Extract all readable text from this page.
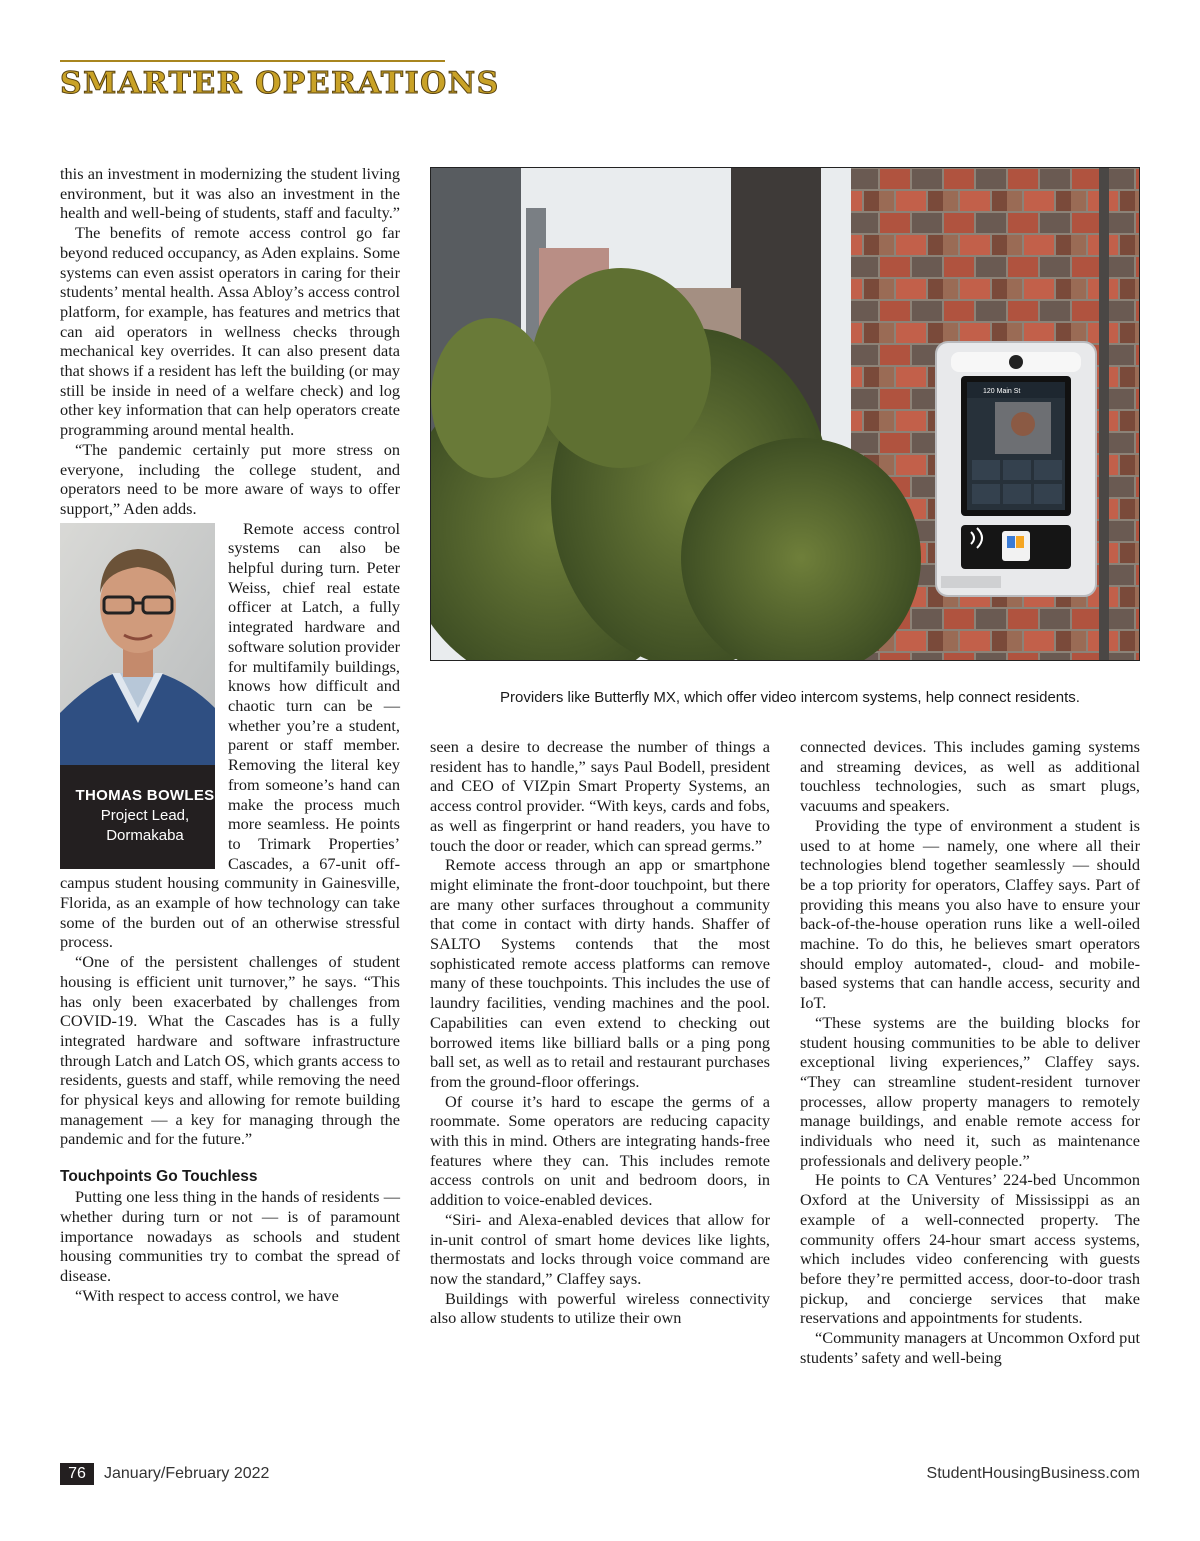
SMARTER OPERATIONS

this an investment in modernizing the student living environment, but it was also an investment in the health and well-being of students, staff and faculty.”

The benefits of remote access control go far beyond reduced occupancy, as Aden explains. Some systems can even assist operators in caring for their students’ mental health. Assa Abloy’s access control platform, for example, has features and metrics that can aid operators in wellness checks through mechanical key overrides. It can also present data that shows if a resident has left the building (or may still be inside in need of a welfare check) and log other key information that can help operators create programming around mental health.

“The pandemic certainly put more stress on everyone, including the college student, and operators need to be more aware of ways to offer support,” Aden adds.

THOMAS BOWLES
Project Lead,
Dormakaba
Remote access control systems can also be helpful during turn. Peter Weiss, chief real estate officer at Latch, a fully integrated hardware and software solution provider for multifamily buildings, knows how difficult and chaotic turn can be — whether you’re a student, parent or staff member. Removing the literal key from someone’s hand can make the process much more seamless. He points to Trimark Properties’ Cascades, a 67-unit off-campus student housing community in Gainesville, Florida, as an example of how technology can take some of the burden out of an otherwise stressful process.

“One of the persistent challenges of student housing is efficient unit turnover,” he says. “This has only been exacerbated by challenges from COVID-19. What the Cascades has is a fully integrated hardware and software infrastructure through Latch and Latch OS, which grants access to residents, guests and staff, while removing the need for physical keys and allowing for remote building management — a key for managing through the pandemic and for the future.”

Touchpoints Go Touchless

Putting one less thing in the hands of residents — whether during turn or not — is of paramount importance nowadays as schools and student housing communities try to combat the spread of disease.

“With respect to access control, we have

120 Main St
Providers like Butterfly MX, which offer video intercom systems, help connect residents.

seen a desire to decrease the number of things a resident has to handle,” says Paul Bodell, president and CEO of VIZpin Smart Property Systems, an access control provider. “With keys, cards and fobs, as well as fingerprint or hand readers, you have to touch the door or reader, which can spread germs.”

Remote access through an app or smartphone might eliminate the front-door touchpoint, but there are many other surfaces throughout a community that come in contact with dirty hands. Shaffer of SALTO Systems contends that the most sophisticated remote access platforms can remove many of these touchpoints. This includes the use of laundry facilities, vending machines and the pool. Capabilities can even extend to checking out borrowed items like billiard balls or a ping pong ball set, as well as to retail and restaurant purchases from the ground-floor offerings.

Of course it’s hard to escape the germs of a roommate. Some operators are reducing capacity with this in mind. Others are integrating hands-free features where they can. This includes remote access controls on unit and bedroom doors, in addition to voice-enabled devices.

“Siri- and Alexa-enabled devices that allow for in-unit control of smart home devices like lights, thermostats and locks through voice command are now the standard,” Claffey says.

Buildings with powerful wireless connectivity also allow students to utilize their own

connected devices. This includes gaming systems and streaming devices, as well as additional touchless technologies, such as smart plugs, vacuums and speakers.

Providing the type of environment a student is used to at home — namely, one where all their technologies blend together seamlessly — should be a top priority for operators, Claffey says. Part of providing this means you also have to ensure your back-of-the-house operation runs like a well-oiled machine. To do this, he believes smart operators should employ automated-, cloud- and mobile-based systems that can handle access, security and IoT.

“These systems are the building blocks for student housing communities to be able to deliver exceptional living experiences,” Claffey says. “They can streamline student-resident turnover processes, allow property managers to remotely manage buildings, and enable remote access for individuals who need it, such as maintenance professionals and delivery people.”

He points to CA Ventures’ 224-bed Uncommon Oxford at the University of Mississippi as an example of a well-connected property. The community offers 24-hour smart access systems, which includes video conferencing with guests before they’re permitted access, door-to-door trash pickup, and concierge services that make reservations and appointments for students.

“Community managers at Uncommon Oxford put students’ safety and well-being

76	January/February 2022	StudentHousingBusiness.com
